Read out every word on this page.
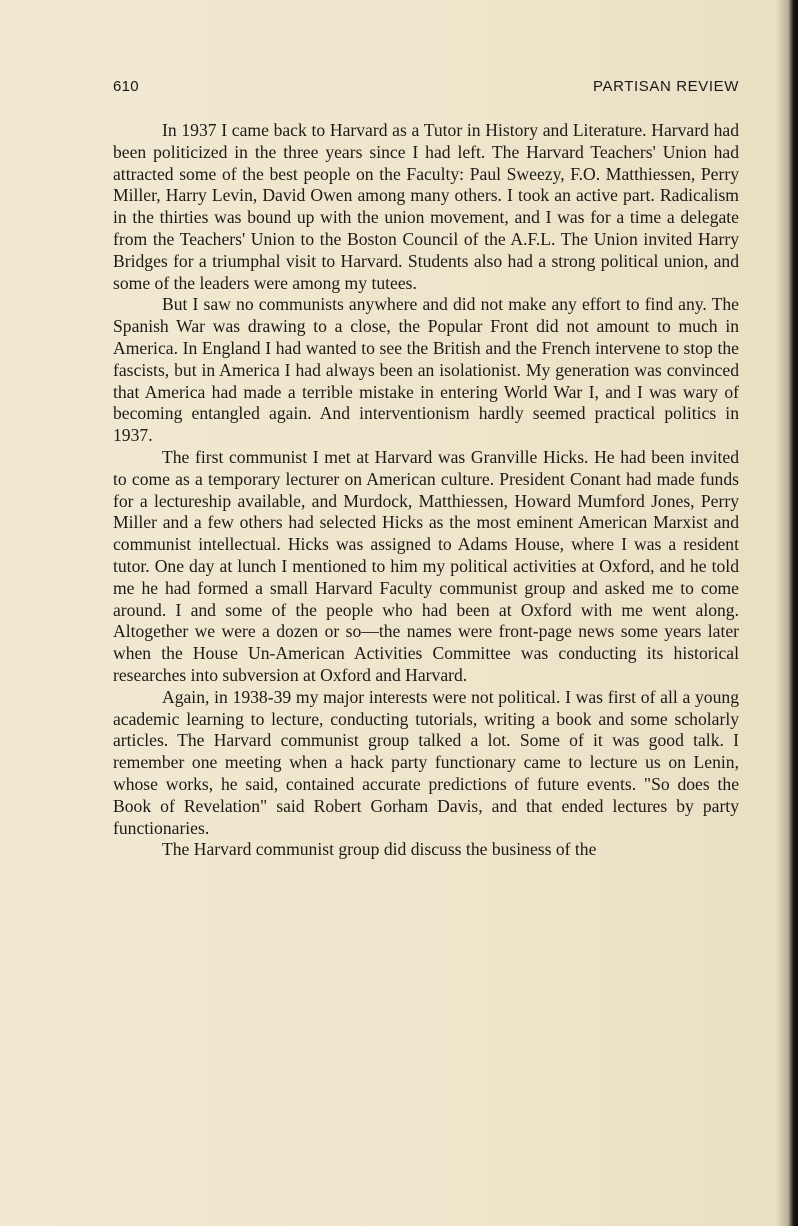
610	PARTISAN REVIEW

In 1937 I came back to Harvard as a Tutor in History and Literature. Harvard had been politicized in the three years since I had left. The Harvard Teachers' Union had attracted some of the best people on the Faculty: Paul Sweezy, F.O. Matthiessen, Perry Miller, Harry Levin, David Owen among many others. I took an active part. Radicalism in the thirties was bound up with the union movement, and I was for a time a delegate from the Teachers' Union to the Boston Council of the A.F.L. The Union invited Harry Bridges for a triumphal visit to Harvard. Students also had a strong political union, and some of the leaders were among my tutees.

But I saw no communists anywhere and did not make any effort to find any. The Spanish War was drawing to a close, the Popular Front did not amount to much in America. In England I had wanted to see the British and the French intervene to stop the fascists, but in America I had always been an isolationist. My generation was convinced that America had made a terrible mistake in entering World War I, and I was wary of becoming entangled again. And interventionism hardly seemed practical politics in 1937.

The first communist I met at Harvard was Granville Hicks. He had been invited to come as a temporary lecturer on American culture. President Conant had made funds for a lectureship available, and Murdock, Matthiessen, Howard Mumford Jones, Perry Miller and a few others had selected Hicks as the most eminent American Marxist and communist intellectual. Hicks was assigned to Adams House, where I was a resident tutor. One day at lunch I mentioned to him my political activities at Oxford, and he told me he had formed a small Harvard Faculty communist group and asked me to come around. I and some of the people who had been at Oxford with me went along. Altogether we were a dozen or so—the names were front-page news some years later when the House Un-American Activities Committee was conducting its historical researches into subversion at Oxford and Harvard.

Again, in 1938-39 my major interests were not political. I was first of all a young academic learning to lecture, conducting tutorials, writing a book and some scholarly articles. The Harvard communist group talked a lot. Some of it was good talk. I remember one meeting when a hack party functionary came to lecture us on Lenin, whose works, he said, contained accurate predictions of future events. "So does the Book of Revelation" said Robert Gorham Davis, and that ended lectures by party functionaries.

The Harvard communist group did discuss the business of the
